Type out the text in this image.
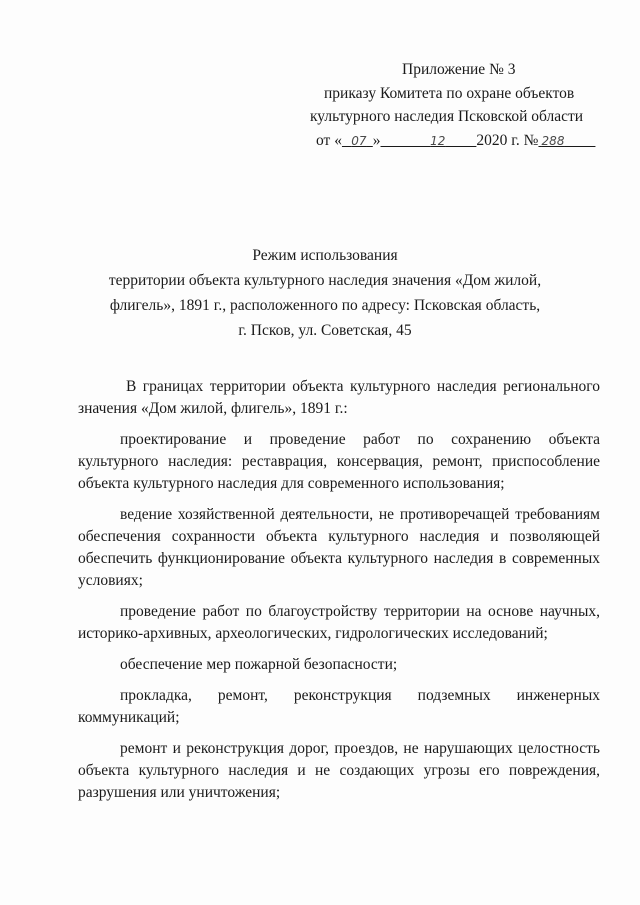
Приложение № 3
приказу Комитета по охране объектов
культурного наследия Псковской области
от «    07   »    	12   2020 г. №  288  
Режим использования
территории объекта культурного наследия значения «Дом жилой,
флигель», 1891 г., расположенного по адресу: Псковская область,
г. Псков, ул. Советская, 45

В границах территории объекта культурного наследия регионального значения «Дом жилой, флигель», 1891 г.:

проектирование и проведение работ по сохранению объекта культурного наследия: реставрация, консервация, ремонт, приспособление объекта культурного наследия для современного использования;

ведение хозяйственной деятельности, не противоречащей требованиям обеспечения сохранности объекта культурного наследия и позволяющей обеспечить функционирование объекта культурного наследия в современных условиях;

проведение работ по благоустройству территории на основе научных, историко-архивных, археологических, гидрологических исследований;

обеспечение мер пожарной безопасности;

прокладка, ремонт, реконструкция подземных инженерных коммуникаций;

ремонт и реконструкция дорог, проездов, не нарушающих целостность объекта культурного наследия и не создающих угрозы его повреждения, разрушения или уничтожения;
